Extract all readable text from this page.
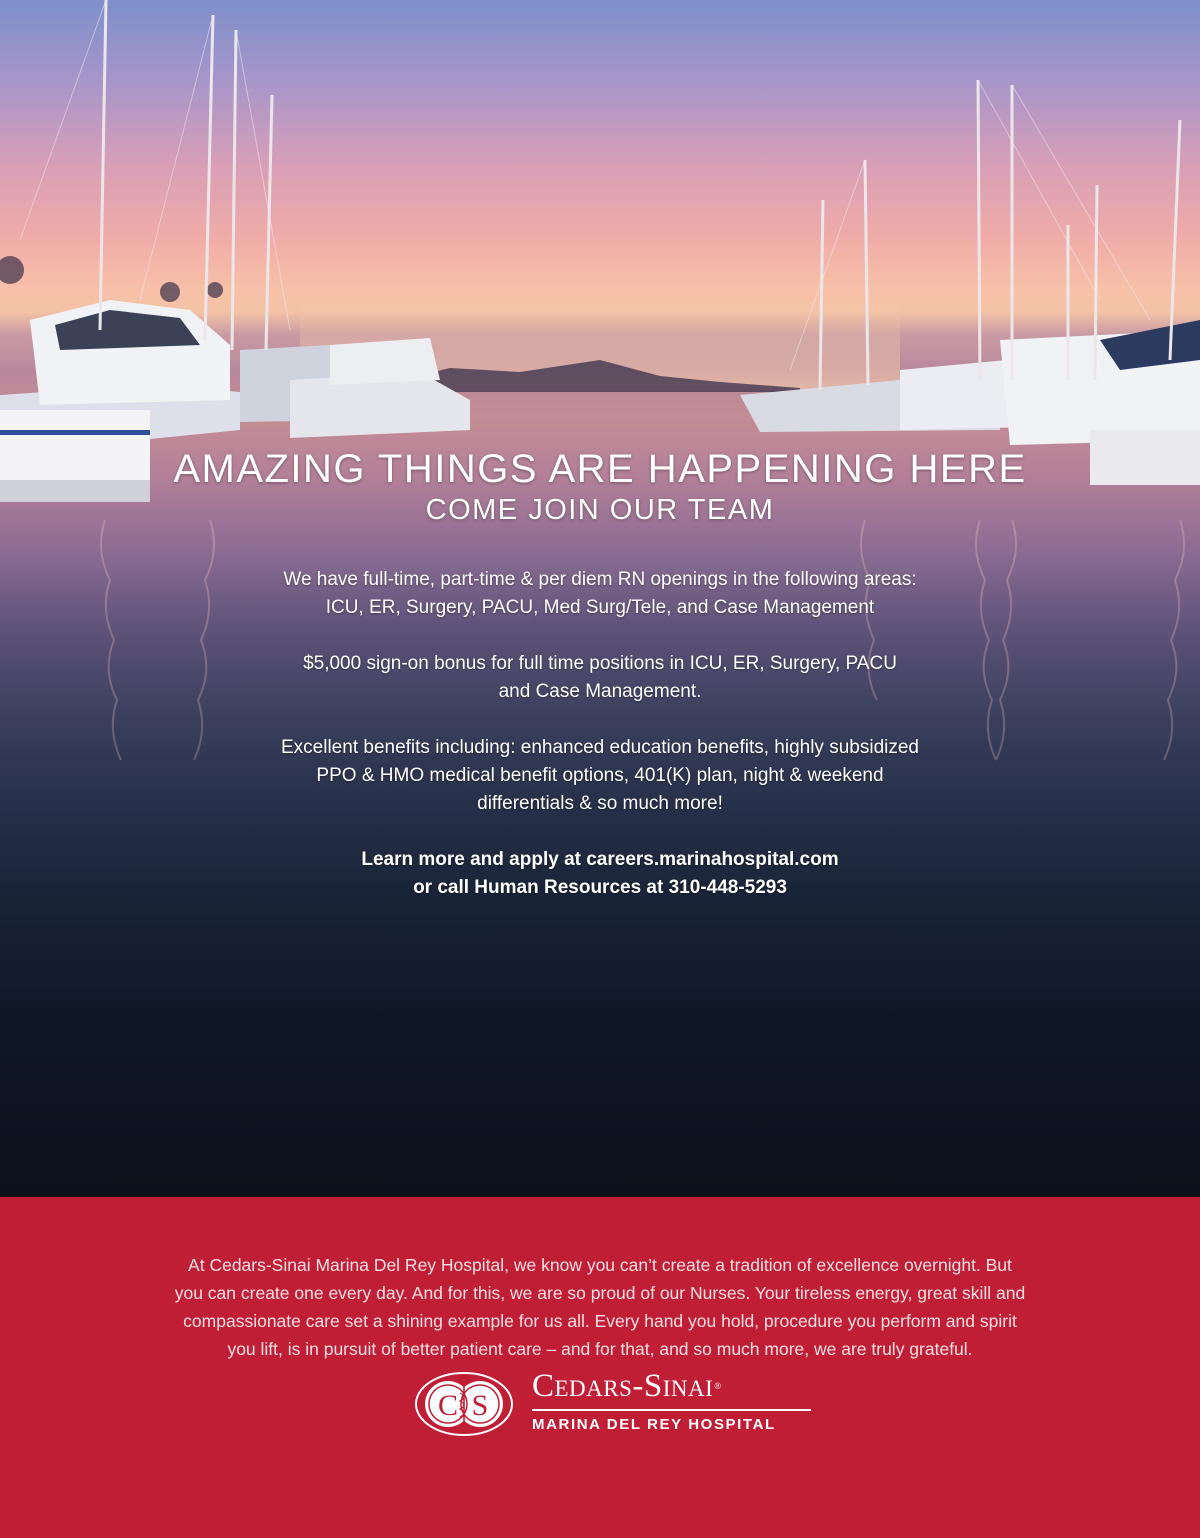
AMAZING THINGS ARE HAPPENING HERE
COME JOIN OUR TEAM
We have full-time, part-time & per diem RN openings in the following areas:
ICU, ER, Surgery, PACU, Med Surg/Tele, and Case Management
$5,000 sign-on bonus for full time positions in ICU, ER, Surgery, PACU
and Case Management.
Excellent benefits including: enhanced education benefits, highly subsidized
PPO & HMO medical benefit options, 401(K) plan, night & weekend
differentials & so much more!
Learn more and apply at careers.marinahospital.com
or call Human Resources at 310-448-5293
At Cedars-Sinai Marina Del Rey Hospital, we know you can’t create a tradition of excellence overnight. But
you can create one every day. And for this, we are so proud of our Nurses. Your tireless energy, great skill and
compassionate care set a shining example for us all. Every hand you hold, procedure you perform and spirit
you lift, is in pursuit of better patient care – and for that, and so much more, we are truly grateful.
C S
Cedars-Sinai®
MARINA DEL REY HOSPITAL
